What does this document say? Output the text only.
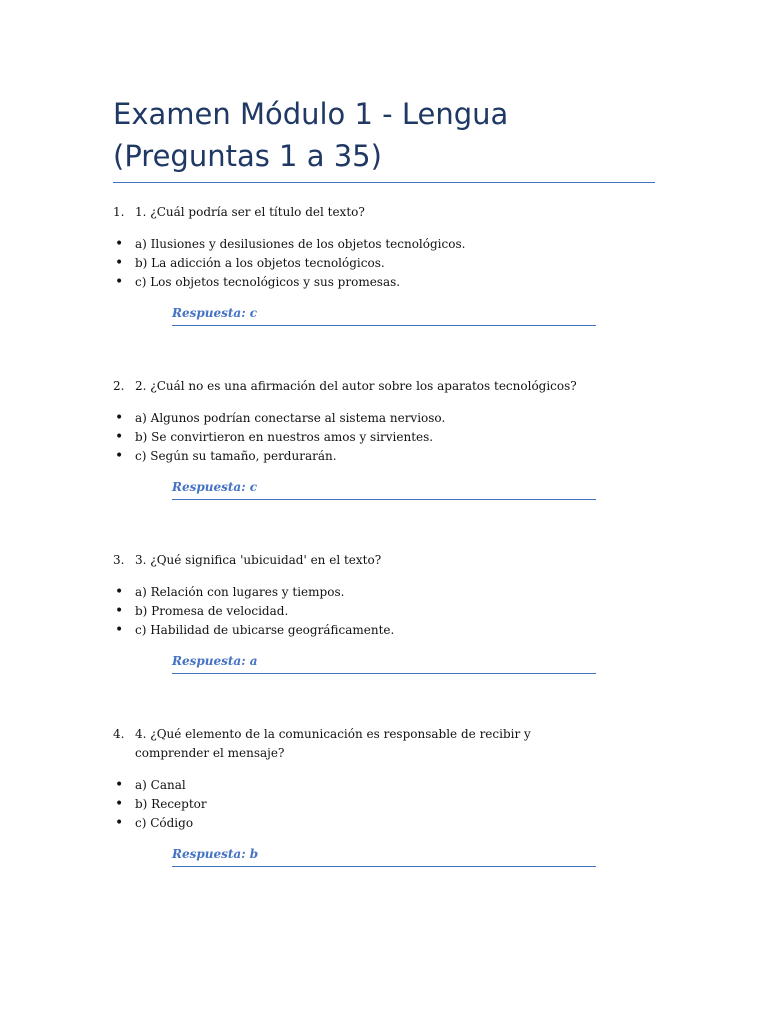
Examen Módulo 1 - Lengua (Preguntas 1 a 35)
1. 1. ¿Cuál podría ser el título del texto?
• a) Ilusiones y desilusiones de los objetos tecnológicos.
• b) La adicción a los objetos tecnológicos.
• c) Los objetos tecnológicos y sus promesas.
Respuesta: c
2. 2. ¿Cuál no es una afirmación del autor sobre los aparatos tecnológicos?
• a) Algunos podrían conectarse al sistema nervioso.
• b) Se convirtieron en nuestros amos y sirvientes.
• c) Según su tamaño, perdurarán.
Respuesta: c
3. 3. ¿Qué significa 'ubicuidad' en el texto?
• a) Relación con lugares y tiempos.
• b) Promesa de velocidad.
• c) Habilidad de ubicarse geográficamente.
Respuesta: a
4. 4. ¿Qué elemento de la comunicación es responsable de recibir y comprender el mensaje?
• a) Canal
• b) Receptor
• c) Código
Respuesta: b
